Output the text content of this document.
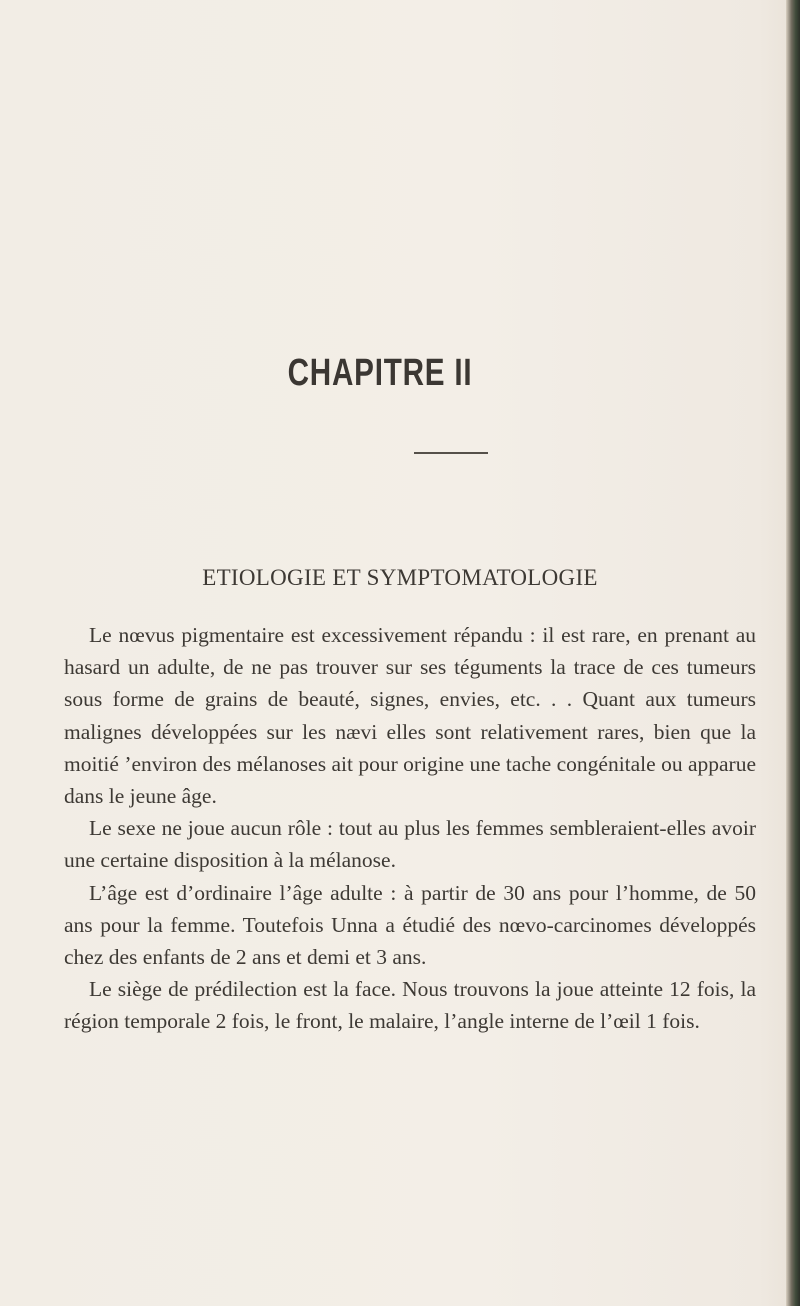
CHAPITRE II
ETIOLOGIE ET SYMPTOMATOLOGIE

Le nœvus pigmentaire est excessivement répandu : il est rare, en prenant au hasard un adulte, de ne pas trouver sur ses téguments la trace de ces tumeurs sous forme de grains de beauté, signes, envies, etc. . . Quant aux tumeurs malignes développées sur les nævi elles sont relativement rares, bien que la moitié ’environ des mélanoses ait pour origine une tache congénitale ou apparue dans le jeune âge.

Le sexe ne joue aucun rôle : tout au plus les femmes sembleraient-elles avoir une certaine disposition à la mélanose.

L’âge est d’ordinaire l’âge adulte : à partir de 30 ans pour l’homme, de 50 ans pour la femme. Toutefois Unna a étudié des nœvo-carcinomes développés chez des enfants de 2 ans et demi et 3 ans.

Le siège de prédilection est la face. Nous trouvons la joue atteinte 12 fois, la région temporale 2 fois, le front, le malaire, l’angle interne de l’œil 1 fois.
